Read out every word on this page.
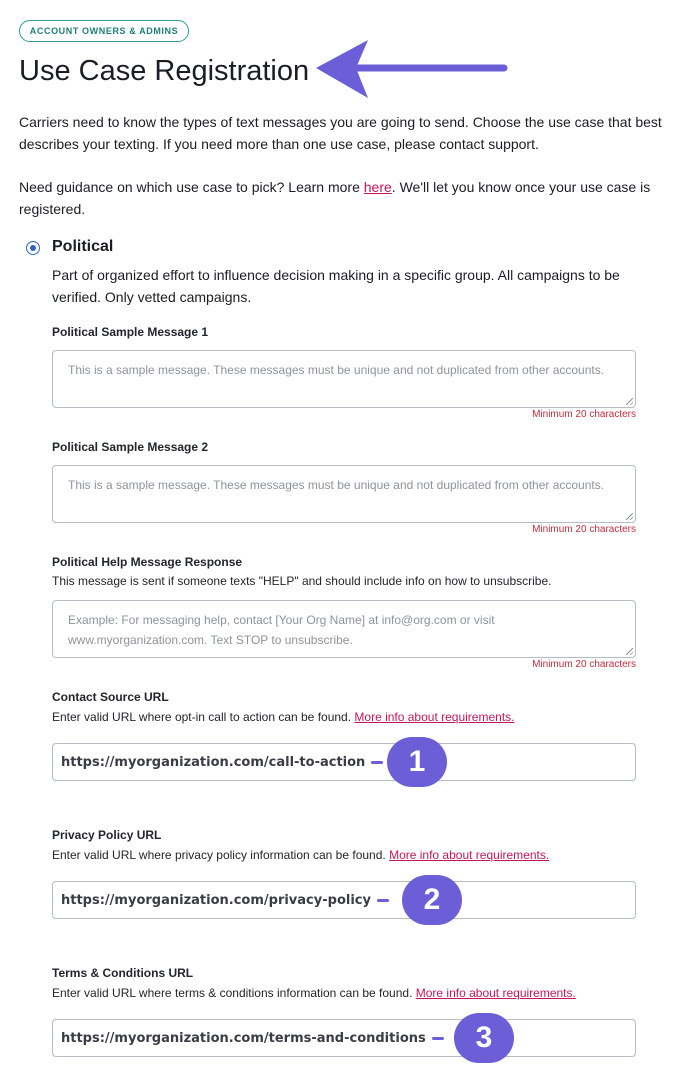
ACCOUNT OWNERS & ADMINS
Use Case Registration

Carriers need to know the types of text messages you are going to send. Choose the use case that best describes your texting. If you need more than one use case, please contact support.

Need guidance on which use case to pick? Learn more here. We'll let you know once your use case is registered.

Political

Part of organized effort to influence decision making in a specific group. All campaigns to be verified. Only vetted campaigns.

Political Sample Message 1
This is a sample message. These messages must be unique and not duplicated from other accounts.
Minimum 20 characters
Political Sample Message 2
This is a sample message. These messages must be unique and not duplicated from other accounts.
Minimum 20 characters
Political Help Message Response
This message is sent if someone texts "HELP" and should include info on how to unsubscribe.
Example: For messaging help, contact [Your Org Name] at info@org.com or visit www.myorganization.com. Text STOP to unsubscribe.
Minimum 20 characters
Contact Source URL
Enter valid URL where opt-in call to action can be found. More info about requirements.
https://myorganization.com/call-to-action	1
Privacy Policy URL
Enter valid URL where privacy policy information can be found. More info about requirements.
https://myorganization.com/privacy-policy	2
Terms & Conditions URL
Enter valid URL where terms & conditions information can be found. More info about requirements.
https://myorganization.com/terms-and-conditions	3
